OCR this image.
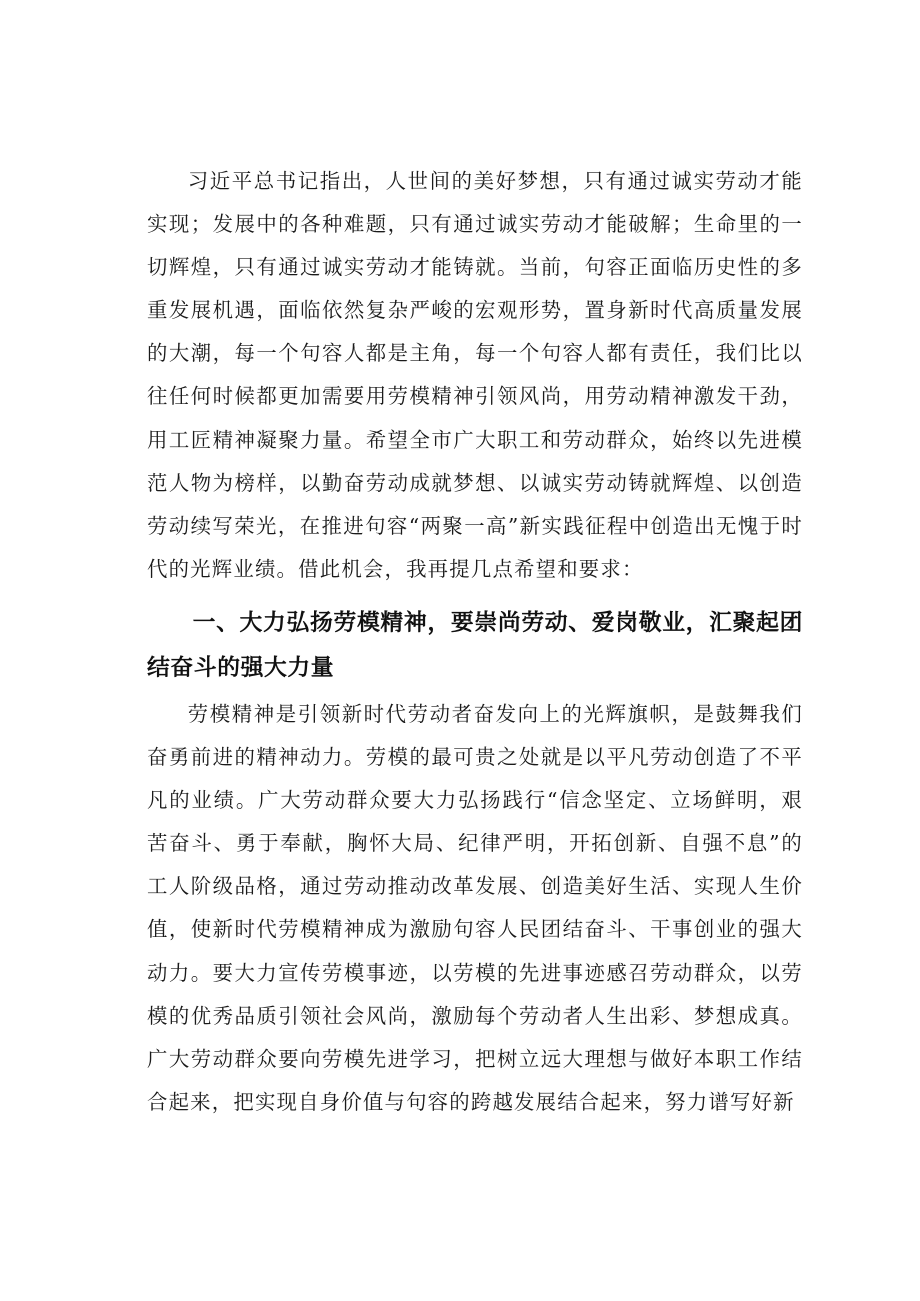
习近平总书记指出，人世间的美好梦想，只有通过诚实劳动才能实现；发展中的各种难题，只有通过诚实劳动才能破解；生命里的一切辉煌，只有通过诚实劳动才能铸就。当前，句容正面临历史性的多重发展机遇，面临依然复杂严峻的宏观形势，置身新时代高质量发展的大潮，每一个句容人都是主角，每一个句容人都有责任，我们比以往任何时候都更加需要用劳模精神引领风尚，用劳动精神激发干劲，用工匠精神凝聚力量。希望全市广大职工和劳动群众，始终以先进模范人物为榜样，以勤奋劳动成就梦想、以诚实劳动铸就辉煌、以创造劳动续写荣光，在推进句容“两聚一高”新实践征程中创造出无愧于时代的光辉业绩。借此机会，我再提几点希望和要求：

一、大力弘扬劳模精神，要崇尚劳动、爱岗敬业，汇聚起团结奋斗的强大力量

劳模精神是引领新时代劳动者奋发向上的光辉旗帜，是鼓舞我们奋勇前进的精神动力。劳模的最可贵之处就是以平凡劳动创造了不平凡的业绩。广大劳动群众要大力弘扬践行“信念坚定、立场鲜明，艰苦奋斗、勇于奉献，胸怀大局、纪律严明，开拓创新、自强不息”的工人阶级品格，通过劳动推动改革发展、创造美好生活、实现人生价值，使新时代劳模精神成为激励句容人民团结奋斗、干事创业的强大动力。要大力宣传劳模事迹，以劳模的先进事迹感召劳动群众，以劳模的优秀品质引领社会风尚，激励每个劳动者人生出彩、梦想成真。广大劳动群众要向劳模先进学习，把树立远大理想与做好本职工作结合起来，把实现自身价值与句容的跨越发展结合起来，努力谱写好新
